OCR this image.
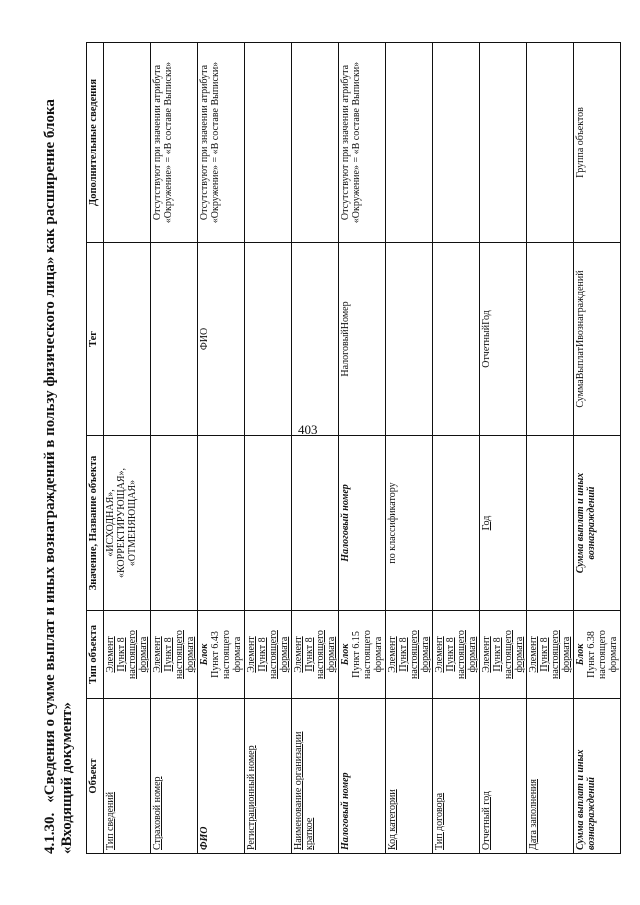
403
4.1.30.«Сведения о сумме выплат и иных вознаграждений в пользу физического лица» как расширение блока «Входящий документ» Объект	Тип объекта	Значение, Название объекта	Тег	Дополнительные сведения
Тип сведений	Элемент Пункт 8 настоящего формата	«ИСХОДНАЯ», «КОРРЕКТИРУЮЩАЯ», «ОТМЕНЯЮЩАЯ»		
Страховой номер	Элемент Пункт 8 настоящего формата			Отсутствуют при значении атрибута «Окружение» = «В составе Выписки»
ФИО	Блок Пункт 6.43 настоящего формата		ФИО	Отсутствуют при значении атрибута «Окружение» = «В составе Выписки»
Регистрационный номер	Элемент Пункт 8 настоящего формата			

Наименование организации краткое	Элемент Пункт 8 настоящего формата			

Налоговый номер	Блок Пункт 6.15 настоящего формата	Налоговый номер	НалоговыйНомер	Отсутствуют при значении атрибута «Окружение» = «В составе Выписки»
Код категории	Элемент Пункт 8 настоящего формата	по классификатору		
Тип договора	Элемент Пункт 8 настоящего формата			

Отчетный год	Элемент Пункт 8 настоящего формата	Год	ОтчетныйГод	
Дата заполнения	Элемент Пункт 8 настоящего формата			

Сумма выплат и иных вознаграждений	Блок Пункт 6.38 настоящего формата	Сумма выплат и иных вознаграждений	СуммаВыплатИвознаграждений	Группа объектов
